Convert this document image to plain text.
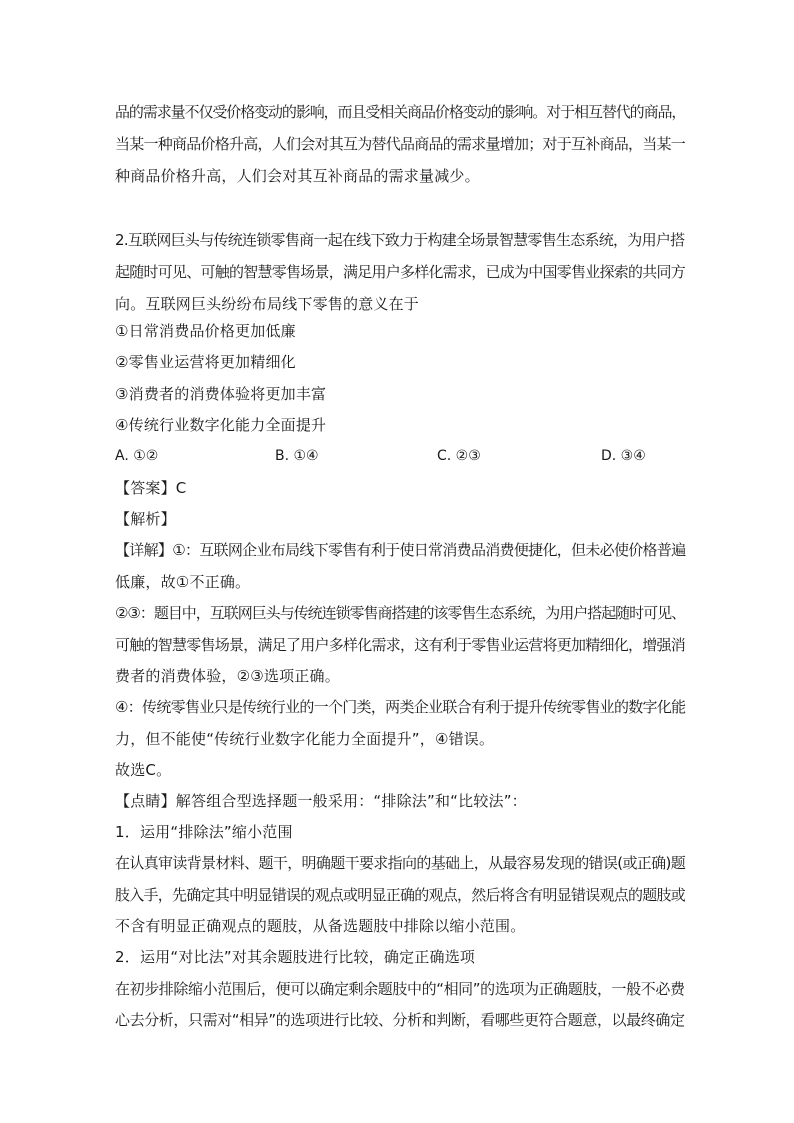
品的需求量不仅受价格变动的影响，而且受相关商品价格变动的影响。对于相互替代的商品，
当某一种商品价格升高，人们会对其互为替代品商品的需求量增加；对于互补商品，当某一
种商品价格升高，人们会对其互补商品的需求量减少。
2.互联网巨头与传统连锁零售商一起在线下致力于构建全场景智慧零售生态系统，为用户搭
起随时可见、可触的智慧零售场景，满足用户多样化需求，已成为中国零售业探索的共同方
向。互联网巨头纷纷布局线下零售的意义在于
①日常消费品价格更加低廉
②零售业运营将更加精细化
③消费者的消费体验将更加丰富
④传统行业数字化能力全面提升
A. ①②	B. ①④	C. ②③	D. ③④
【答案】C
【解析】
【详解】①：互联网企业布局线下零售有利于使日常消费品消费便捷化，但未必使价格普遍
低廉，故①不正确。
②③：题目中，互联网巨头与传统连锁零售商搭建的该零售生态系统，为用户搭起随时可见、
可触的智慧零售场景，满足了用户多样化需求，这有利于零售业运营将更加精细化，增强消
费者的消费体验，②③选项正确。
④：传统零售业只是传统行业的一个门类，两类企业联合有利于提升传统零售业的数字化能
力，但不能使“传统行业数字化能力全面提升”，④错误。
故选C。
【点睛】解答组合型选择题一般采用：“排除法”和“比较法”：
1．运用“排除法”缩小范围
在认真审读背景材料、题干，明确题干要求指向的基础上，从最容易发现的错误(或正确)题
肢入手，先确定其中明显错误的观点或明显正确的观点，然后将含有明显错误观点的题肢或
不含有明显正确观点的题肢，从备选题肢中排除以缩小范围。
2．运用“对比法”对其余题肢进行比较，确定正确选项
在初步排除缩小范围后，便可以确定剩余题肢中的“相同”的选项为正确题肢，一般不必费
心去分析，只需对“相异”的选项进行比较、分析和判断，看哪些更符合题意，以最终确定
